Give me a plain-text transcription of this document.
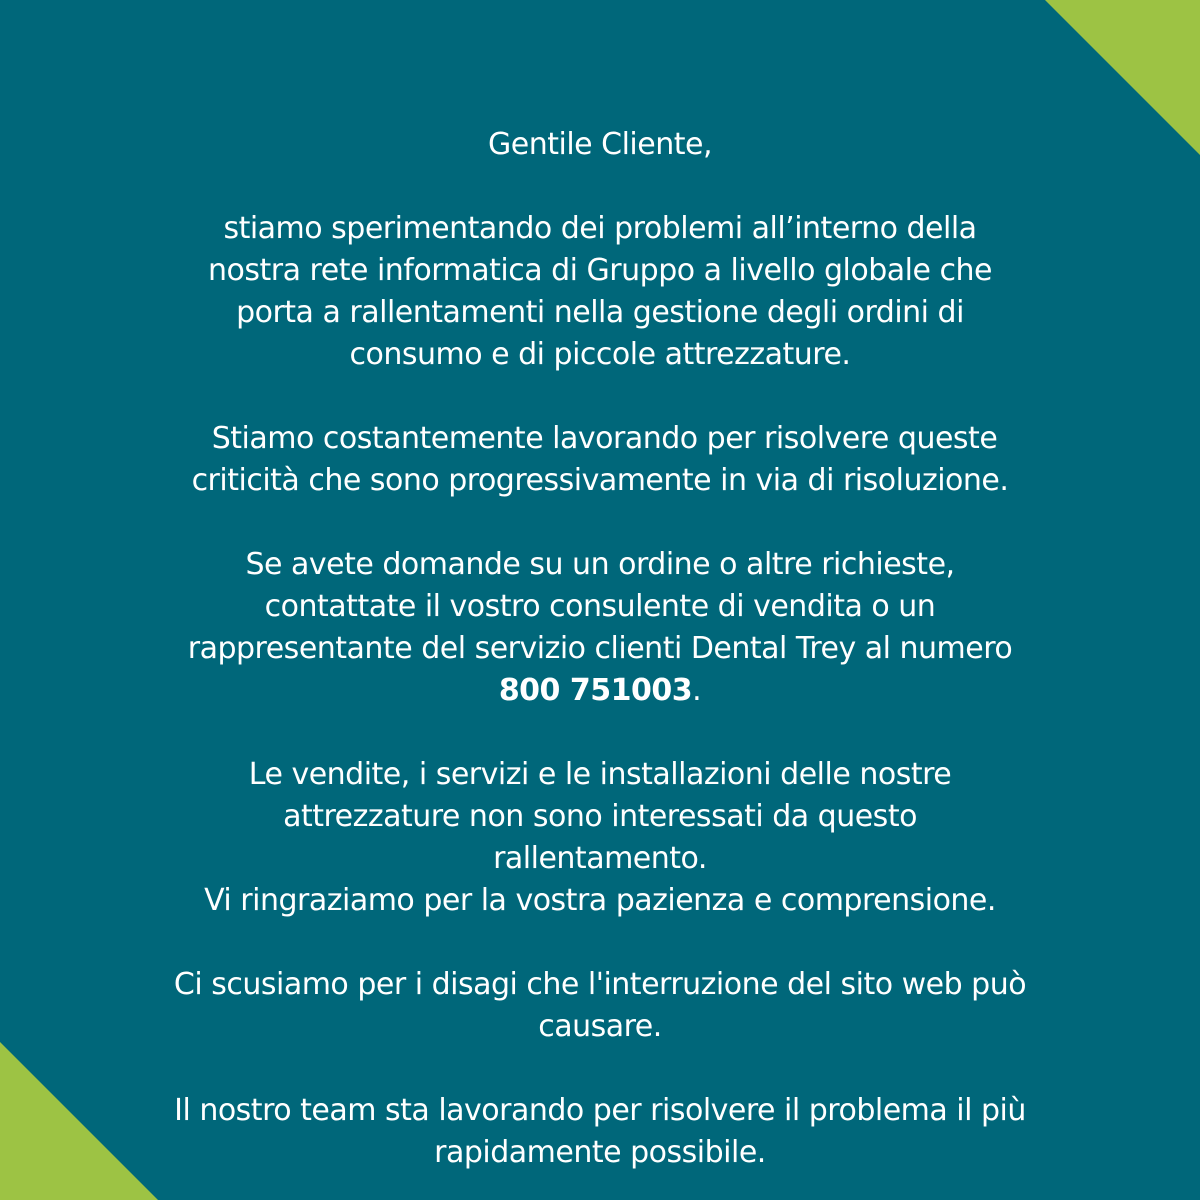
Gentile Cliente,

stiamo sperimentando dei problemi all’interno della
nostra rete informatica di Gruppo a livello globale che
porta a rallentamenti nella gestione degli ordini di
consumo e di piccole attrezzature.

Stiamo costantemente lavorando per risolvere queste
criticità che sono progressivamente in via di risoluzione.

Se avete domande su un ordine o altre richieste,
contattate il vostro consulente di vendita o un
rappresentante del servizio clienti Dental Trey al numero
800 751003.

Le vendite, i servizi e le installazioni delle nostre
attrezzature non sono interessati da questo
rallentamento.
Vi ringraziamo per la vostra pazienza e comprensione.

Ci scusiamo per i disagi che l'interruzione del sito web può
causare.

Il nostro team sta lavorando per risolvere il problema il più
rapidamente possibile.
